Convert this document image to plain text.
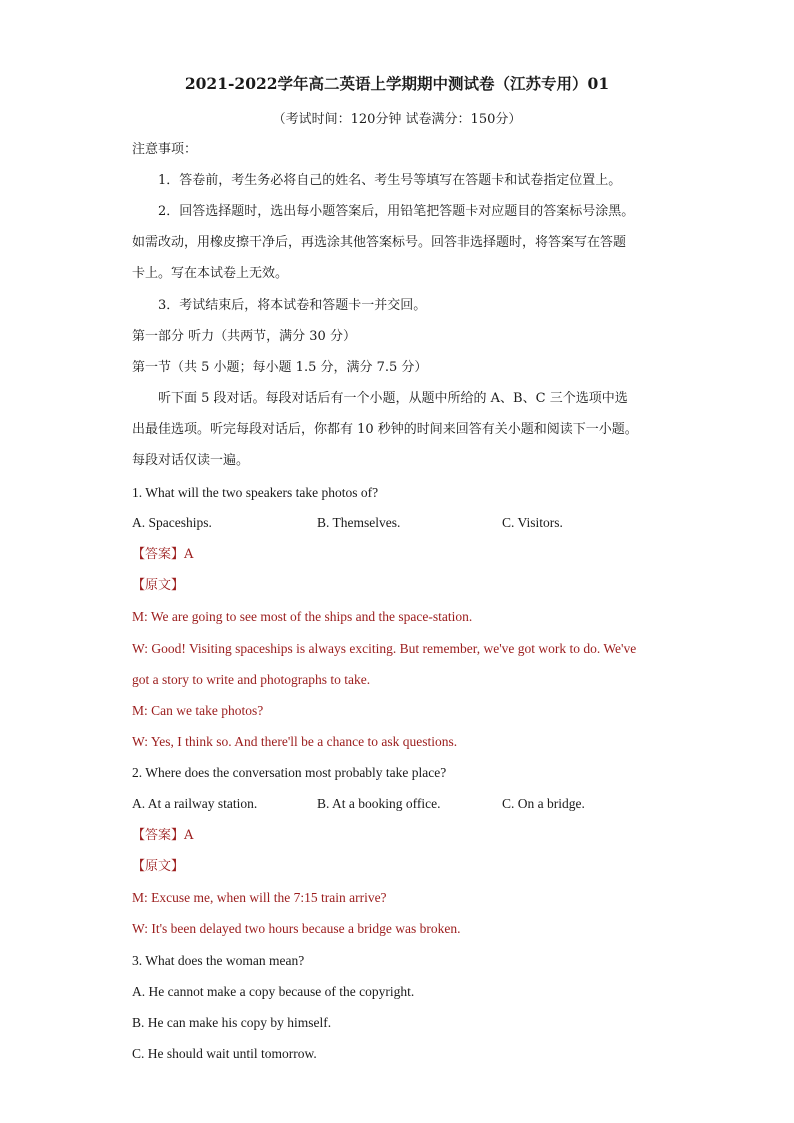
2021-2022学年高二英语上学期期中测试卷（江苏专用）01
（考试时间：120分钟 试卷满分：150分）
注意事项：
1．答卷前，考生务必将自己的姓名、考生号等填写在答题卡和试卷指定位置上。
2．回答选择题时，选出每小题答案后，用铅笔把答题卡对应题目的答案标号涂黑。
如需改动，用橡皮擦干净后，再选涂其他答案标号。回答非选择题时，将答案写在答题
卡上。写在本试卷上无效。
3．考试结束后，将本试卷和答题卡一并交回。
第一部分 听力（共两节，满分 30 分）
第一节（共 5 小题；每小题 1.5 分，满分 7.5 分）
听下面 5 段对话。每段对话后有一个小题，从题中所给的 A、B、C 三个选项中选
出最佳选项。听完每段对话后，你都有 10 秒钟的时间来回答有关小题和阅读下一小题。
每段对话仅读一遍。
1. What will the two speakers take photos of?
A. Spaceships.	B. Themselves.	C. Visitors.
【答案】A
【原文】
M: We are going to see most of the ships and the space-station.
W: Good! Visiting spaceships is always exciting. But remember, we've got work to do. We've
got a story to write and photographs to take.
M: Can we take photos?
W: Yes, I think so. And there'll be a chance to ask questions.
2. Where does the conversation most probably take place?
A. At a railway station.	B. At a booking office.	C. On a bridge.
【答案】A
【原文】
M: Excuse me, when will the 7:15 train arrive?
W: It's been delayed two hours because a bridge was broken.
3. What does the woman mean?
A. He cannot make a copy because of the copyright.
B. He can make his copy by himself.
C. He should wait until tomorrow.
